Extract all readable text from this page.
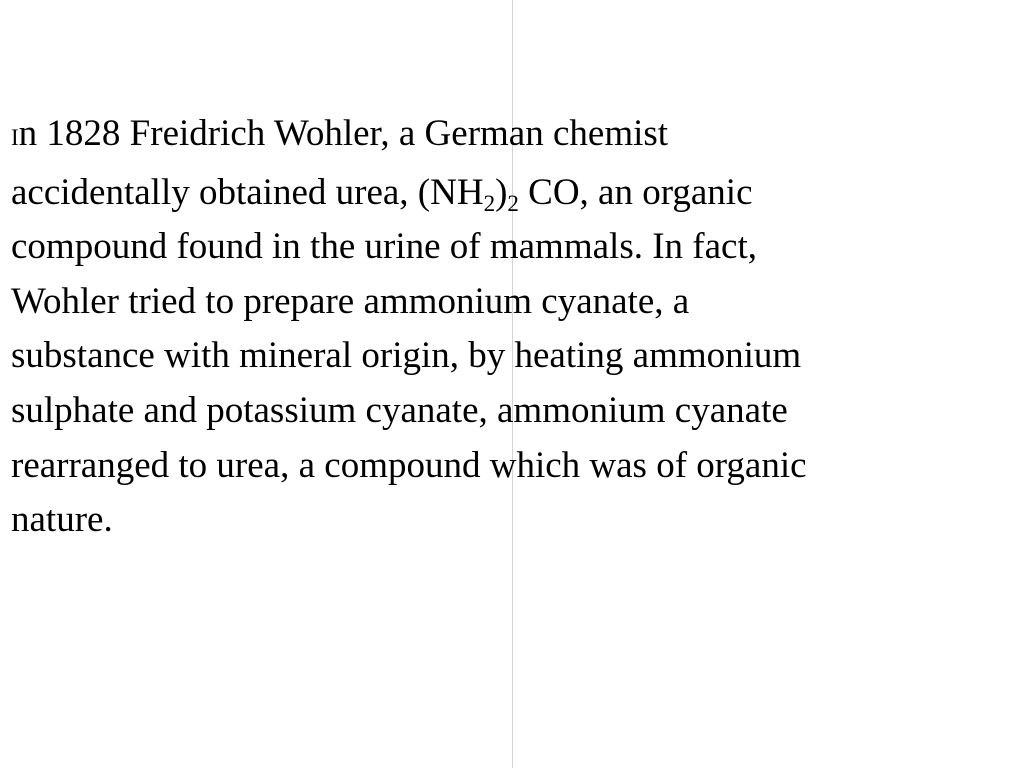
In 1828 Freidrich Wohler, a German chemist
accidentally obtained urea, $(NH_2)_2$ CO, an organic
compound found in the urine of mammals. In fact,
Wohler tried to prepare ammonium cyanate, a
substance with mineral origin, by heating ammonium
sulphate and potassium cyanate, ammonium cyanate
rearranged to urea, a compound which was of organic
nature.
